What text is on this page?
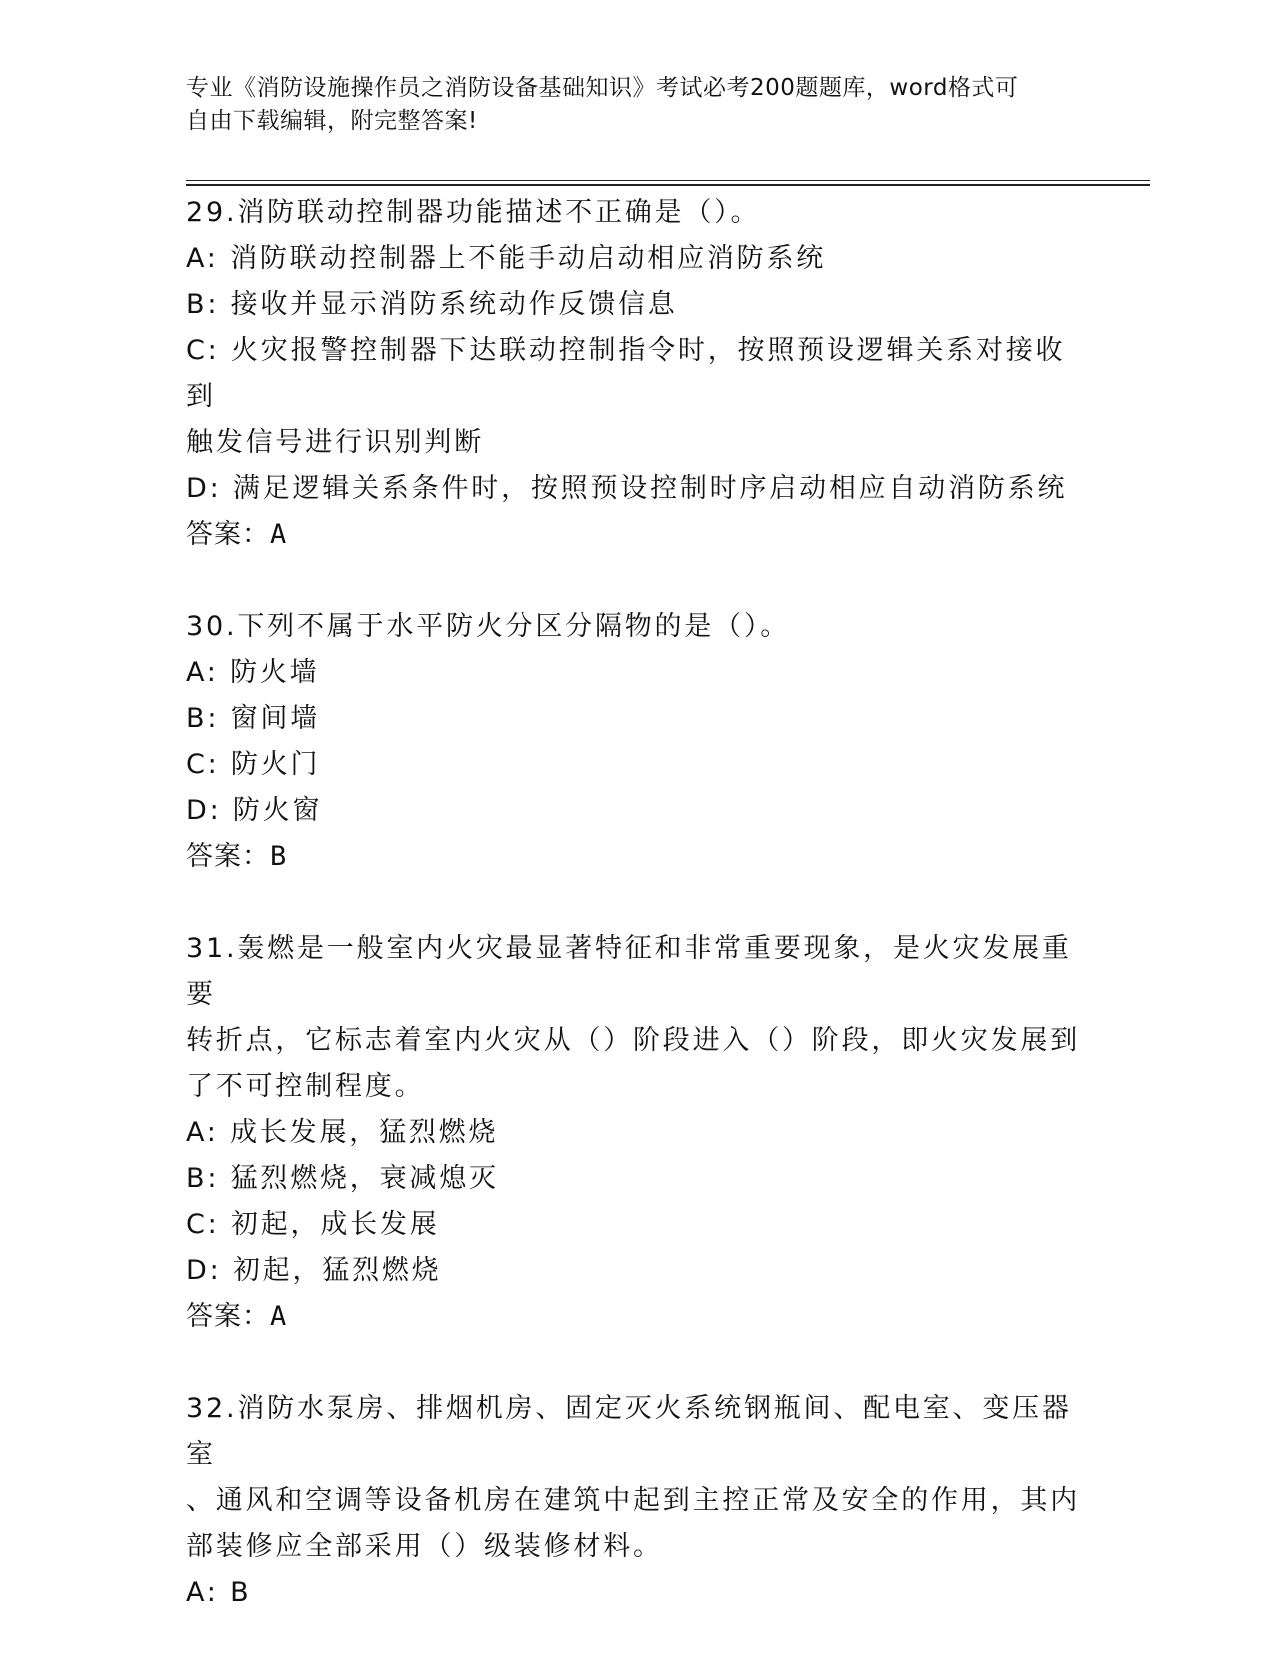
专业《消防设施操作员之消防设备基础知识》考试必考200题题库，word格式可
自由下载编辑，附完整答案!

29.消防联动控制器功能描述不正确是（）。

A: 消防联动控制器上不能手动启动相应消防系统

B: 接收并显示消防系统动作反馈信息

C: 火灾报警控制器下达联动控制指令时，按照预设逻辑关系对接收到

触发信号进行识别判断

D: 满足逻辑关系条件时，按照预设控制时序启动相应自动消防系统

答案：A

30.下列不属于水平防火分区分隔物的是（）。

A: 防火墙

B: 窗间墙

C: 防火门

D: 防火窗

答案：B

31.轰燃是一般室内火灾最显著特征和非常重要现象，是火灾发展重要

转折点，它标志着室内火灾从（）阶段进入（）阶段，即火灾发展到

了不可控制程度。

A: 成长发展，猛烈燃烧

B: 猛烈燃烧，衰减熄灭

C: 初起，成长发展

D: 初起，猛烈燃烧

答案：A

32.消防水泵房、排烟机房、固定灭火系统钢瓶间、配电室、变压器室

、通风和空调等设备机房在建筑中起到主控正常及安全的作用，其内

部装修应全部采用（）级装修材料。

A: B
